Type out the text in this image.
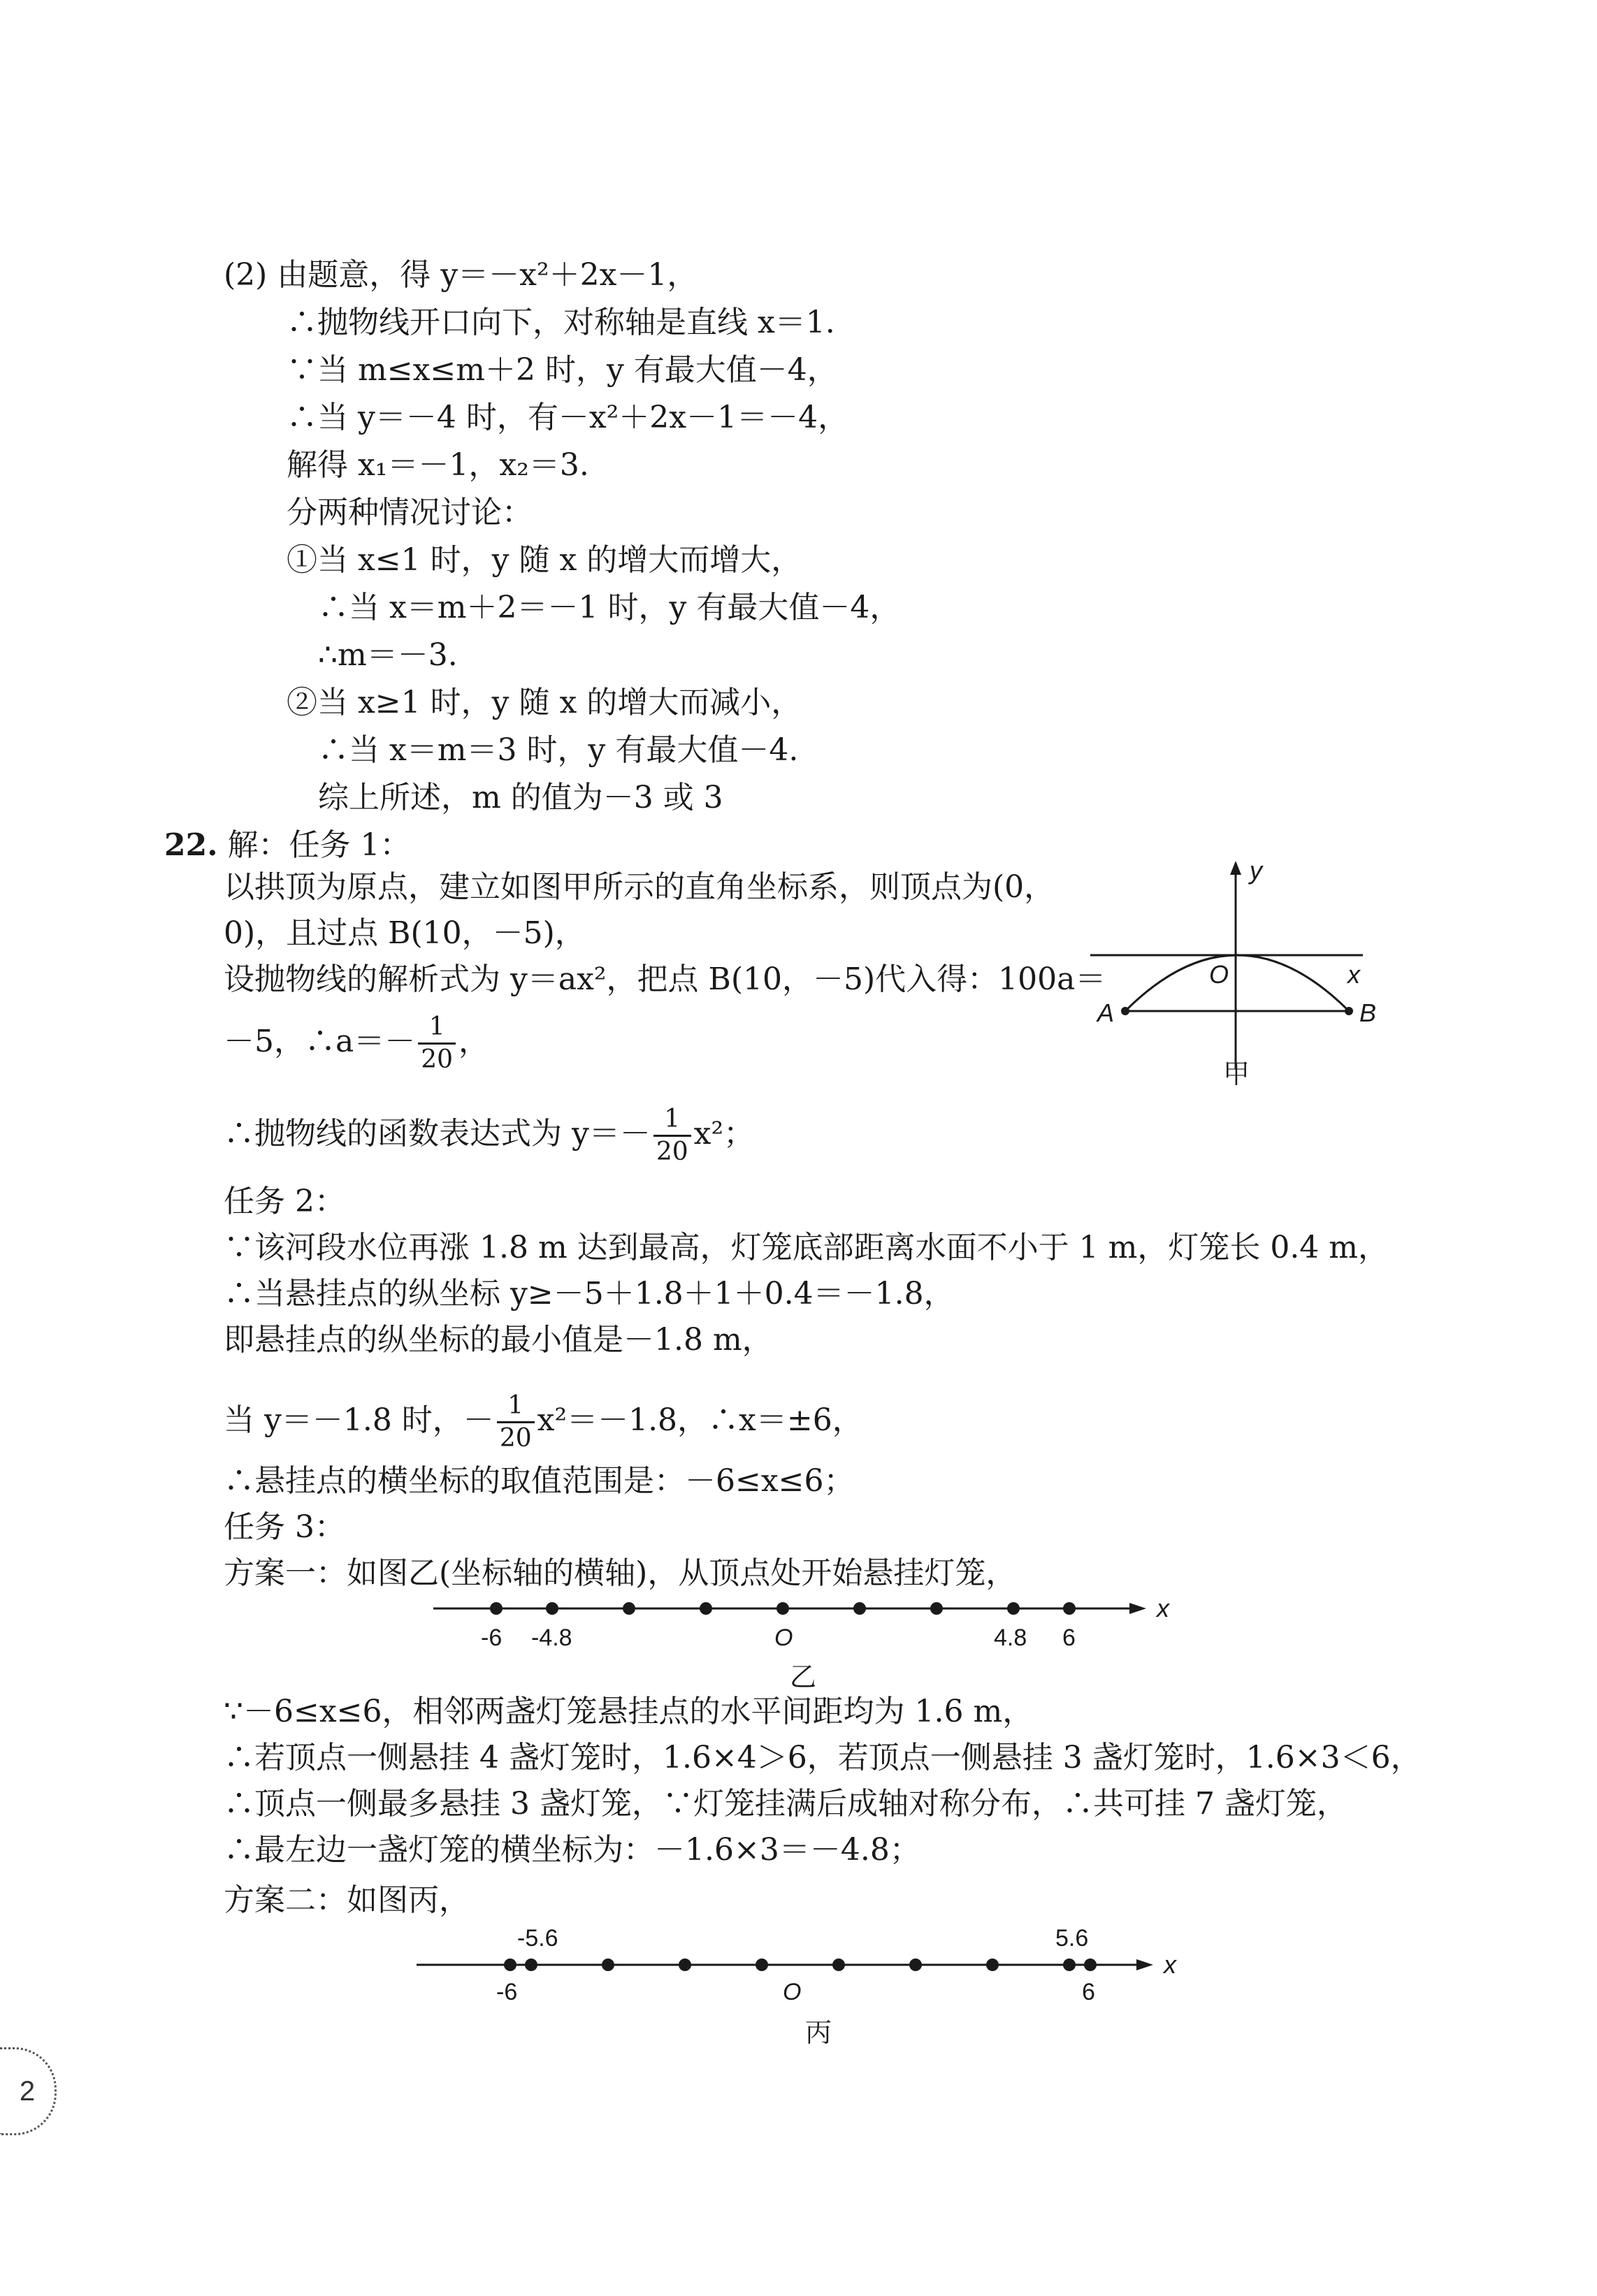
(2) 由题意，得 y＝－x²＋2x－1，
∴抛物线开口向下，对称轴是直线 x＝1.
∵当 m≤x≤m＋2 时，y 有最大值－4，
∴当 y＝－4 时，有－x²＋2x－1＝－4，
解得 x₁＝－1，x₂＝3.
分两种情况讨论：
①当 x≤1 时，y 随 x 的增大而增大，
∴当 x＝m＋2＝－1 时，y 有最大值－4，
∴m＝－3.
②当 x≥1 时，y 随 x 的增大而减小，
∴当 x＝m＝3 时，y 有最大值－4.
综上所述，m 的值为－3 或 3
22. 解：任务 1：
以拱顶为原点，建立如图甲所示的直角坐标系，则顶点为(0，
0)，且过点 B(10，－5)，
设抛物线的解析式为 y＝ax²，把点 B(10，－5)代入得：100a＝
－5，∴a＝－ $\frac{1}{20}$ ，
∴抛物线的函数表达式为 $y=- \frac{1}{20} x^2$；
y
x
O
A	B
甲
任务 2：
∵该河段水位再涨 1.8 m 达到最高，灯笼底部距离水面不小于 1 m，灯笼长 0.4 m，
∴当悬挂点的纵坐标 y≥－5＋1.8＋1＋0.4＝－1.8，
即悬挂点的纵坐标的最小值是－1.8 m，
当 y＝－1.8 时，－ $\frac{1}{20} x^2=-1.8$，∴x＝±6，
∴悬挂点的横坐标的取值范围是：－6≤x≤6；
任务 3：
方案一：如图乙(坐标轴的横轴)，从顶点处开始悬挂灯笼，
x
-6 -4.8	O	4.8 6
乙
∵－6≤x≤6，相邻两盏灯笼悬挂点的水平间距均为 1.6 m，
∴若顶点一侧悬挂 4 盏灯笼时，1.6×4＞6，若顶点一侧悬挂 3 盏灯笼时，1.6×3＜6，
∴顶点一侧最多悬挂 3 盏灯笼，∵灯笼挂满后成轴对称分布，∴共可挂 7 盏灯笼，
∴最左边一盏灯笼的横坐标为：－1.6×3＝－4.8；
方案二：如图丙，
x
-5.6	5.6
-6	O	6
丙
2
